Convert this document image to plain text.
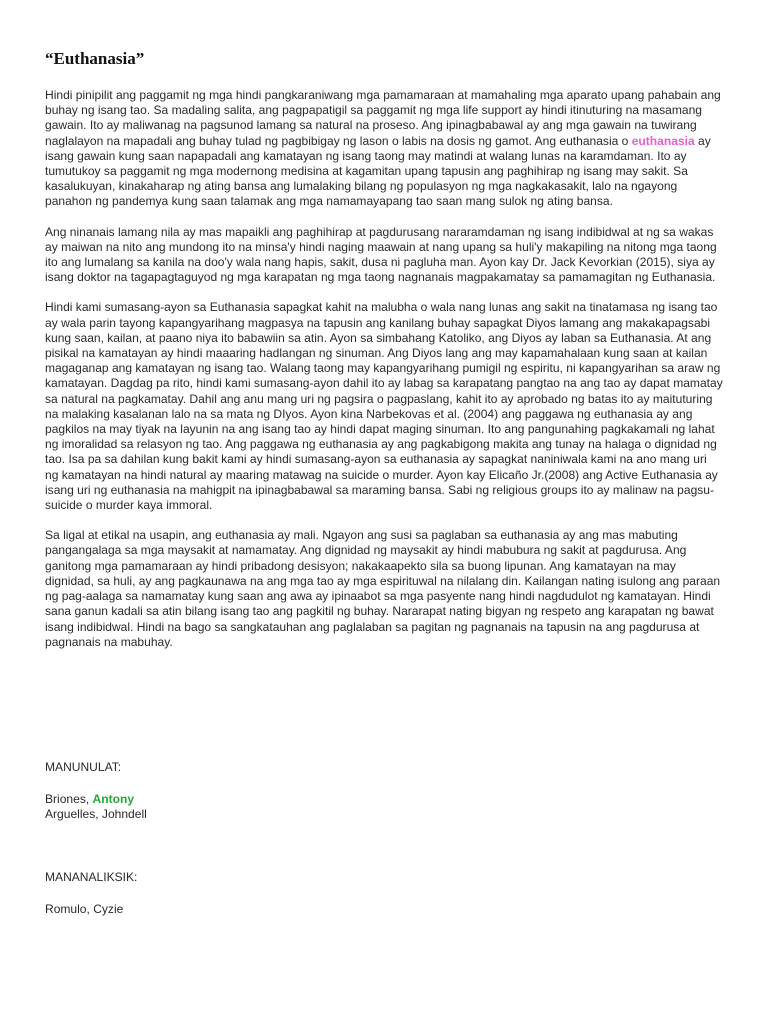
“Euthanasia”

Hindi pinipilit ang paggamit ng mga hindi pangkaraniwang mga pamamaraan at mamahaling mga aparato upang pahabain ang buhay ng isang tao. Sa madaling salita, ang pagpapatigil sa paggamit ng mga life support ay hindi itinuturing na masamang gawain. Ito ay maliwanag na pagsunod lamang sa natural na proseso. Ang ipinagbabawal ay ang mga gawain na tuwirang naglalayon na mapadali ang buhay tulad ng pagbibigay ng lason o labis na dosis ng gamot. Ang euthanasia o euthanasia ay isang gawain kung saan napapadali ang kamatayan ng isang taong may matindi at walang lunas na karamdaman. Ito ay tumutukoy sa paggamit ng mga modernong medisina at kagamitan upang tapusin ang paghihirap ng isang may sakit. Sa kasalukuyan, kinakaharap ng ating bansa ang lumalaking bilang ng populasyon ng mga nagkakasakit, lalo na ngayong panahon ng pandemya kung saan talamak ang mga namamayapang tao saan mang sulok ng ating bansa.

Ang ninanais lamang nila ay mas mapaikli ang paghihirap at pagdurusang nararamdaman ng isang indibidwal at ng sa wakas ay maiwan na nito ang mundong ito na minsa'y hindi naging maawain at nang upang sa huli'y makapiling na nitong mga taong ito ang lumalang sa kanila na doo'y wala nang hapis, sakit, dusa ni pagluha man. Ayon kay Dr. Jack Kevorkian (2015), siya ay isang doktor na tagapagtaguyod ng mga karapatan ng mga taong nagnanais magpakamatay sa pamamagitan ng Euthanasia.

Hindi kami sumasang-ayon sa Euthanasia sapagkat kahit na malubha o wala nang lunas ang sakit na tinatamasa ng isang tao ay wala parin tayong kapangyarihang magpasya na tapusin ang kanilang buhay sapagkat Diyos lamang ang makakapagsabi kung saan, kailan, at paano niya ito babawiin sa atin. Ayon sa simbahang Katoliko, ang Diyos ay laban sa Euthanasia. At ang pisikal na kamatayan ay hindi maaaring hadlangan ng sinuman. Ang Diyos lang ang may kapamahalaan kung saan at kailan magaganap ang kamatayan ng isang tao. Walang taong may kapangyarihang pumigil ng espiritu, ni kapangyarihan sa araw ng kamatayan. Dagdag pa rito, hindi kami sumasang-ayon dahil ito ay labag sa karapatang pangtao na ang tao ay dapat mamatay sa natural na pagkamatay. Dahil ang anu mang uri ng pagsira o pagpaslang, kahit ito ay aprobado ng batas ito ay maituturing na malaking kasalanan lalo na sa mata ng DIyos. Ayon kina Narbekovas et al. (2004) ang paggawa ng euthanasia ay ang pagkilos na may tiyak na layunin na ang isang tao ay hindi dapat maging sinuman. Ito ang pangunahing pagkakamali ng lahat ng imoralidad sa relasyon ng tao. Ang paggawa ng euthanasia ay ang pagkabigong makita ang tunay na halaga o dignidad ng tao. Isa pa sa dahilan kung bakit kami ay hindi sumasang-ayon sa euthanasia ay sapagkat naniniwala kami na ano mang uri ng kamatayan na hindi natural ay maaring matawag na suicide o murder. Ayon kay Elicaño Jr.(2008) ang Active Euthanasia ay isang uri ng euthanasia na mahigpit na ipinagbabawal sa maraming bansa. Sabi ng religious groups ito ay malinaw na pagsu-suicide o murder kaya immoral.

Sa ligal at etikal na usapin, ang euthanasia ay mali. Ngayon ang susi sa paglaban sa euthanasia ay ang mas mabuting pangangalaga sa mga maysakit at namamatay. Ang dignidad ng maysakit ay hindi mabubura ng sakit at pagdurusa. Ang ganitong mga pamamaraan ay hindi pribadong desisyon; nakakaapekto sila sa buong lipunan. Ang kamatayan na may dignidad, sa huli, ay ang pagkaunawa na ang mga tao ay mga espirituwal na nilalang din. Kailangan nating isulong ang paraan ng pag-aalaga sa namamatay kung saan ang awa ay ipinaabot sa mga pasyente nang hindi nagdudulot ng kamatayan. Hindi sana ganun kadali sa atin bilang isang tao ang pagkitil ng buhay. Nararapat nating bigyan ng respeto ang karapatan ng bawat isang indibidwal. Hindi na bago sa sangkatauhan ang paglalaban sa pagitan ng pagnanais na tapusin na ang pagdurusa at pagnanais na mabuhay.

MANUNULAT:

Briones, Antony

Arguelles, Johndell

MANANALIKSIK:

Romulo, Cyzie
